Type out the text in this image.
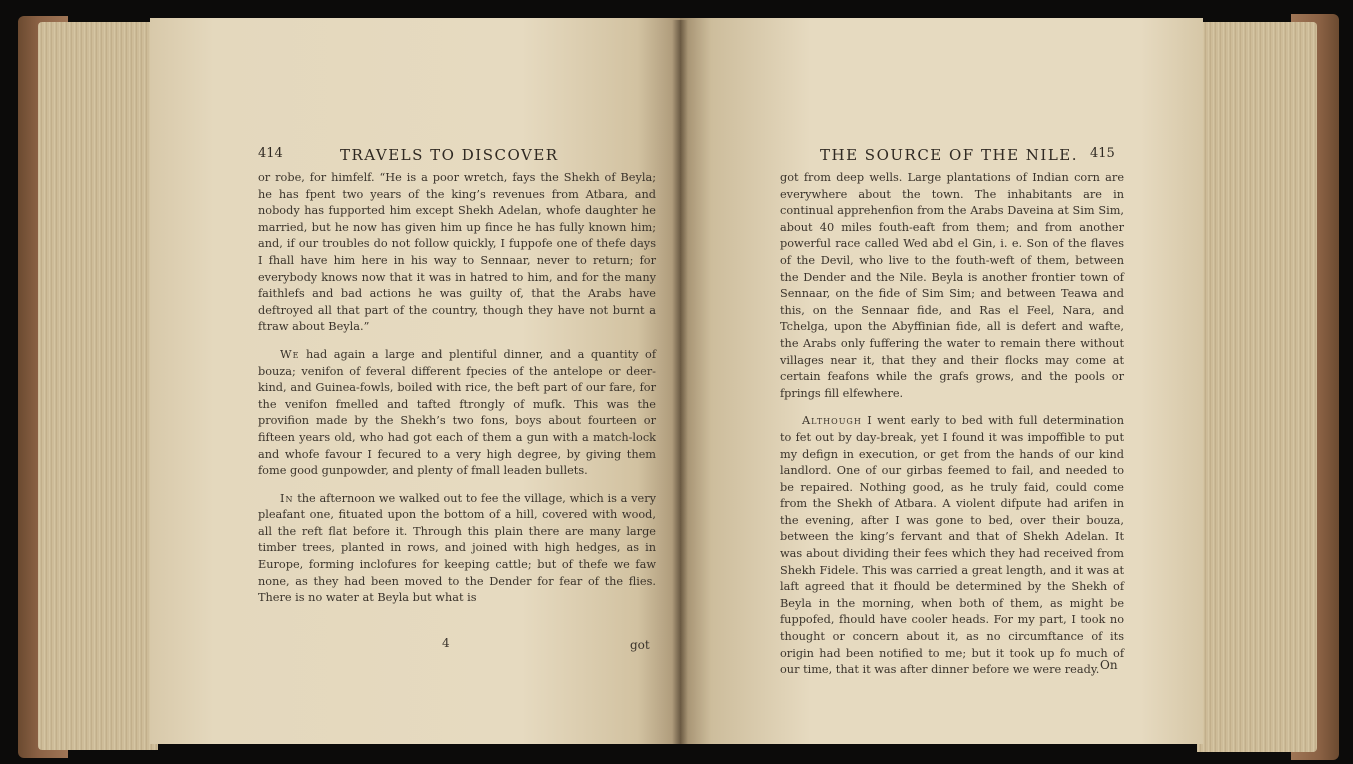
414	TRAVELS TO DISCOVER

or robe, for himfelf. “He is a poor wretch, fays the Shekh of Beyla; he has fpent two years of the king’s revenues from Atbara, and nobody has fupported him except Shekh Adelan, whofe daughter he married, but he now has given him up fince he has fully known him; and, if our troubles do not follow quickly, I fuppofe one of thefe days I fhall have him here in his way to Sennaar, never to return; for everybody knows now that it was in hatred to him, and for the many faithlefs and bad actions he was guilty of, that the Arabs have deftroyed all that part of the country, though they have not burnt a ftraw about Beyla.”

We had again a large and plentiful dinner, and a quantity of bouza; venifon of feveral different fpecies of the antelope or deer-kind, and Guinea-fowls, boiled with rice, the beft part of our fare, for the venifon fmelled and tafted ftrongly of mufk. This was the provifion made by the Shekh’s two fons, boys about fourteen or fifteen years old, who had got each of them a gun with a match-lock and whofe favour I fecured to a very high degree, by giving them fome good gunpowder, and plenty of fmall leaden bullets.

In the afternoon we walked out to fee the village, which is a very pleafant one, fituated upon the bottom of a hill, covered with wood, all the reft flat before it. Through this plain there are many large timber trees, planted in rows, and joined with high hedges, as in Europe, forming inclofures for keeping cattle; but of thefe we faw none, as they had been moved to the Dender for fear of the flies. There is no water at Beyla but what is

4	got
THE SOURCE OF THE NILE. 415

got from deep wells. Large plantations of Indian corn are everywhere about the town. The inhabitants are in continual apprehenfion from the Arabs Daveina at Sim Sim, about 40 miles fouth-eaft from them; and from another powerful race called Wed abd el Gin, i. e. Son of the flaves of the Devil, who live to the fouth-weft of them, between the Dender and the Nile. Beyla is another frontier town of Sennaar, on the fide of Sim Sim; and between Teawa and this, on the Sennaar fide, and Ras el Feel, Nara, and Tchelga, upon the Abyffinian fide, all is defert and wafte, the Arabs only fuffering the water to remain there without villages near it, that they and their flocks may come at certain feafons while the grafs grows, and the pools or fprings fill elfewhere.

Although I went early to bed with full determination to fet out by day-break, yet I found it was impoffible to put my defign in execution, or get from the hands of our kind landlord. One of our girbas feemed to fail, and needed to be repaired. Nothing good, as he truly faid, could come from the Shekh of Atbara. A violent difpute had arifen in the evening, after I was gone to bed, over their bouza, between the king’s fervant and that of Shekh Adelan. It was about dividing their fees which they had received from Shekh Fidele. This was carried a great length, and it was at laft agreed that it fhould be determined by the Shekh of Beyla in the morning, when both of them, as might be fuppofed, fhould have cooler heads. For my part, I took no thought or concern about it, as no circumftance of its origin had been notified to me; but it took up fo much of our time, that it was after dinner before we were ready. On
